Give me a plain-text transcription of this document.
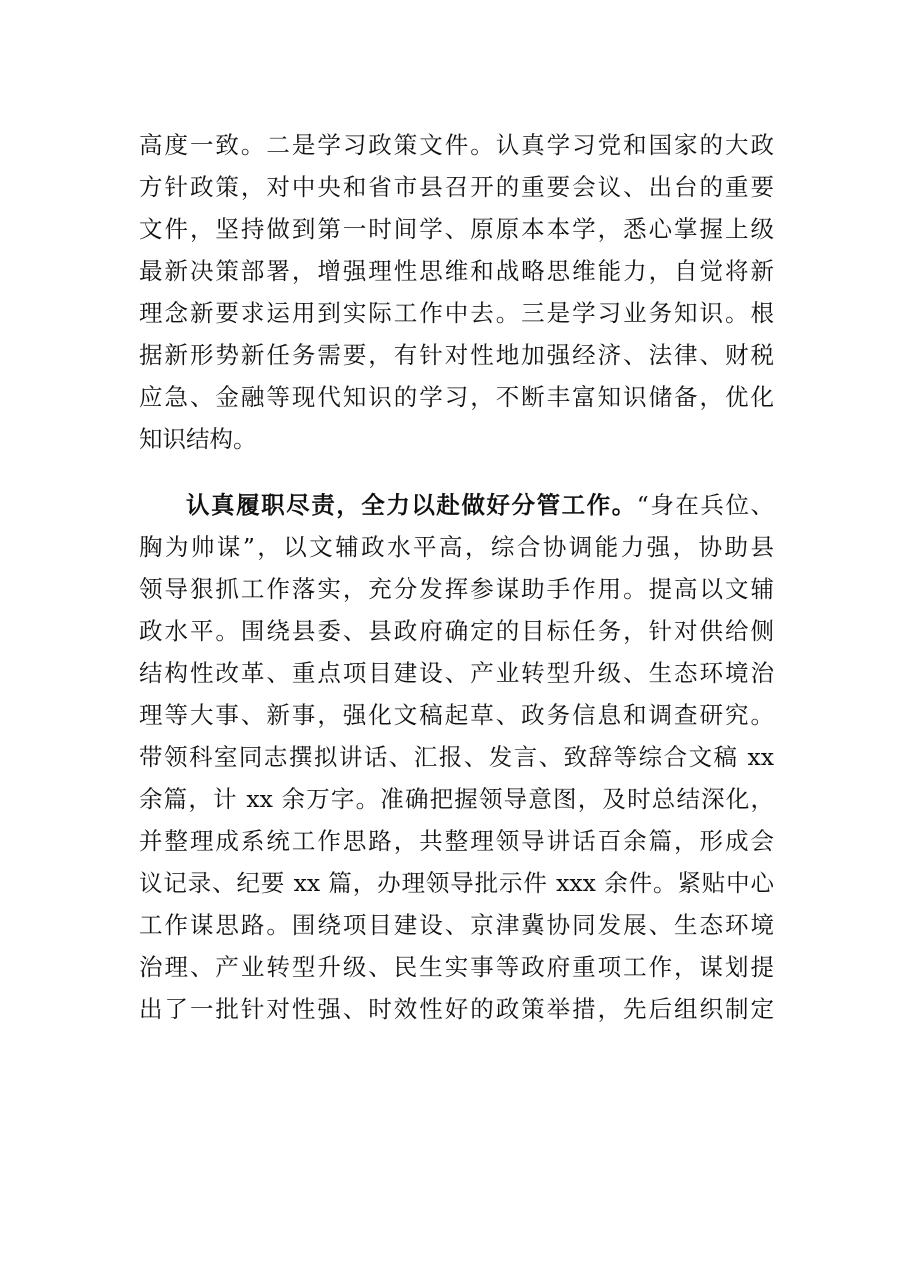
高度一致。二是学习政策文件。认真学习党和国家的大政
方针政策，对中央和省市县召开的重要会议、出台的重要
文件，坚持做到第一时间学、原原本本学，悉心掌握上级
最新决策部署，增强理性思维和战略思维能力，自觉将新
理念新要求运用到实际工作中去。三是学习业务知识。根
据新形势新任务需要，有针对性地加强经济、法律、财税
应急、金融等现代知识的学习，不断丰富知识储备，优化
知识结构。
认真履职尽责，全力以赴做好分管工作。“身在兵位、
胸为帅谋”，以文辅政水平高，综合协调能力强，协助县
领导狠抓工作落实，充分发挥参谋助手作用。提高以文辅
政水平。围绕县委、县政府确定的目标任务，针对供给侧
结构性改革、重点项目建设、产业转型升级、生态环境治
理等大事、新事，强化文稿起草、政务信息和调查研究。
带领科室同志撰拟讲话、汇报、发言、致辞等综合文稿 xx
余篇，计 xx 余万字。准确把握领导意图，及时总结深化，
并整理成系统工作思路，共整理领导讲话百余篇，形成会
议记录、纪要 xx 篇，办理领导批示件 xxx 余件。紧贴中心
工作谋思路。围绕项目建设、京津冀协同发展、生态环境
治理、产业转型升级、民生实事等政府重项工作，谋划提
出了一批针对性强、时效性好的政策举措，先后组织制定
